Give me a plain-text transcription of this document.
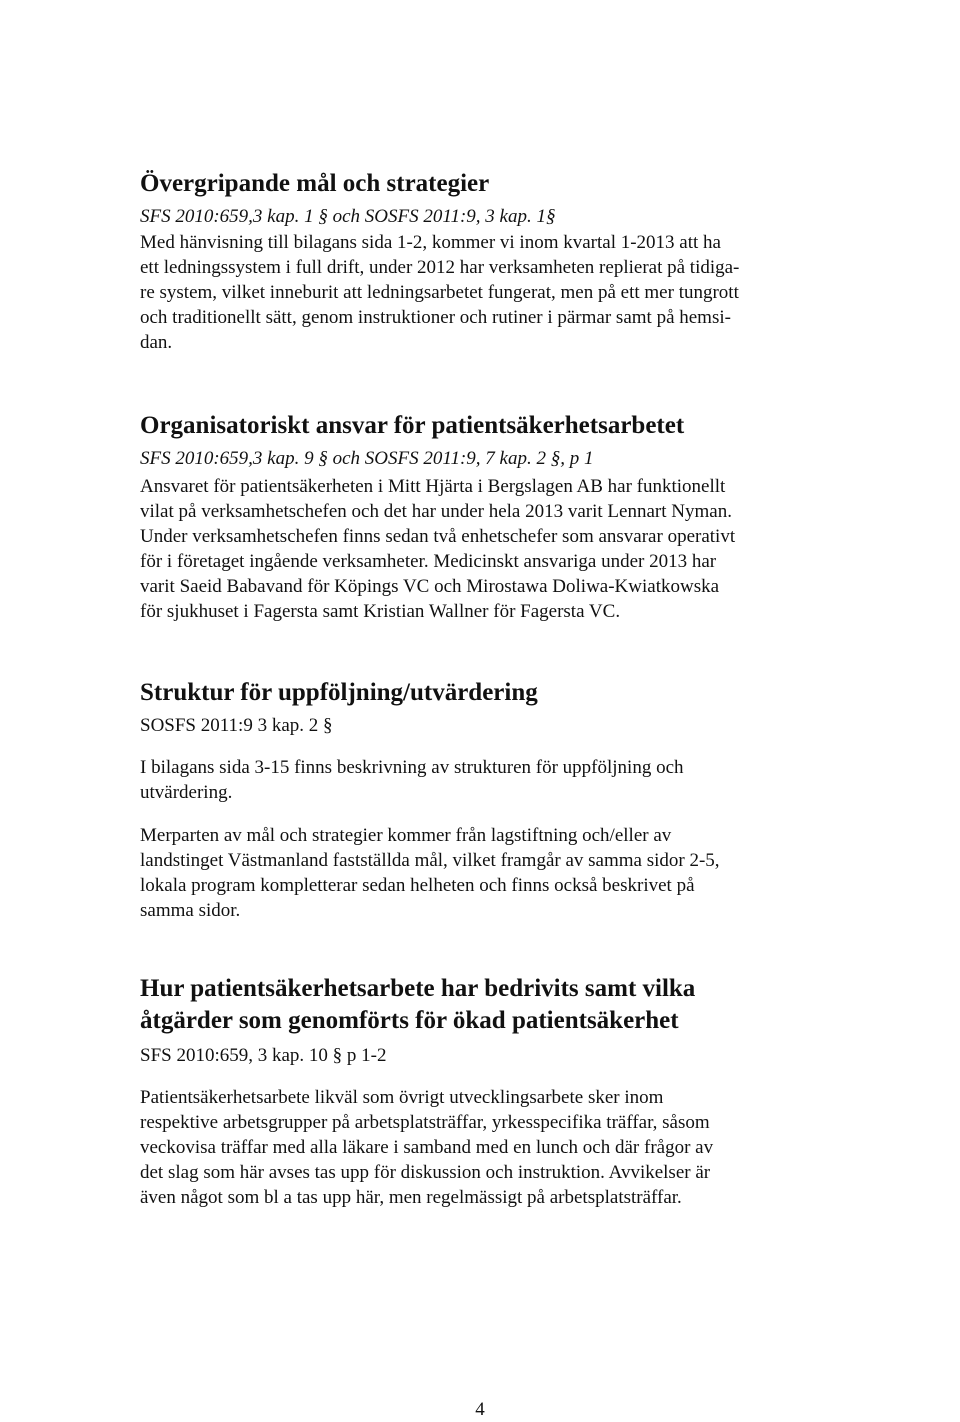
Övergripande mål och strategier

SFS 2010:659,3 kap. 1 § och SOSFS 2011:9, 3 kap. 1§

Med hänvisning till bilagans sida 1-2, kommer vi inom kvartal 1-2013 att ha
ett ledningssystem i full drift, under 2012 har verksamheten replierat på tidiga-
re system, vilket inneburit att ledningsarbetet fungerat, men på ett mer tungrott
och traditionellt sätt, genom instruktioner och rutiner i pärmar samt på hemsi-
dan.

Organisatoriskt ansvar för patientsäkerhetsarbetet

SFS 2010:659,3 kap. 9 § och SOSFS 2011:9, 7 kap. 2 §, p 1

Ansvaret för patientsäkerheten i Mitt Hjärta i Bergslagen AB har funktionellt
vilat på verksamhetschefen och det har under hela 2013 varit Lennart Nyman.
Under verksamhetschefen finns sedan två enhetschefer som ansvarar operativt
för i företaget ingående verksamheter. Medicinskt ansvariga under 2013 har
varit Saeid Babavand för Köpings VC och Mirostawa Doliwa-Kwiatkowska
för sjukhuset i Fagersta samt Kristian Wallner för Fagersta VC.

Struktur för uppföljning/utvärdering

SOSFS 2011:9 3 kap. 2 §

I bilagans sida 3-15 finns beskrivning av strukturen för uppföljning och
utvärdering.

Merparten av mål och strategier kommer från lagstiftning och/eller av
landstinget Västmanland fastställda mål, vilket framgår av samma sidor 2-5,
lokala program kompletterar sedan helheten och finns också beskrivet på
samma sidor.

Hur patientsäkerhetsarbete har bedrivits samt vilka
åtgärder som genomförts för ökad patientsäkerhet

SFS 2010:659, 3 kap. 10 § p 1-2

Patientsäkerhetsarbete likväl som övrigt utvecklingsarbete sker inom
respektive arbetsgrupper på arbetsplatsträffar, yrkesspecifika träffar, såsom
veckovisa träffar med alla läkare i samband med en lunch och där frågor av
det slag som här avses tas upp för diskussion och instruktion. Avvikelser är
även något som bl a tas upp här, men regelmässigt på arbetsplatsträffar.

4
